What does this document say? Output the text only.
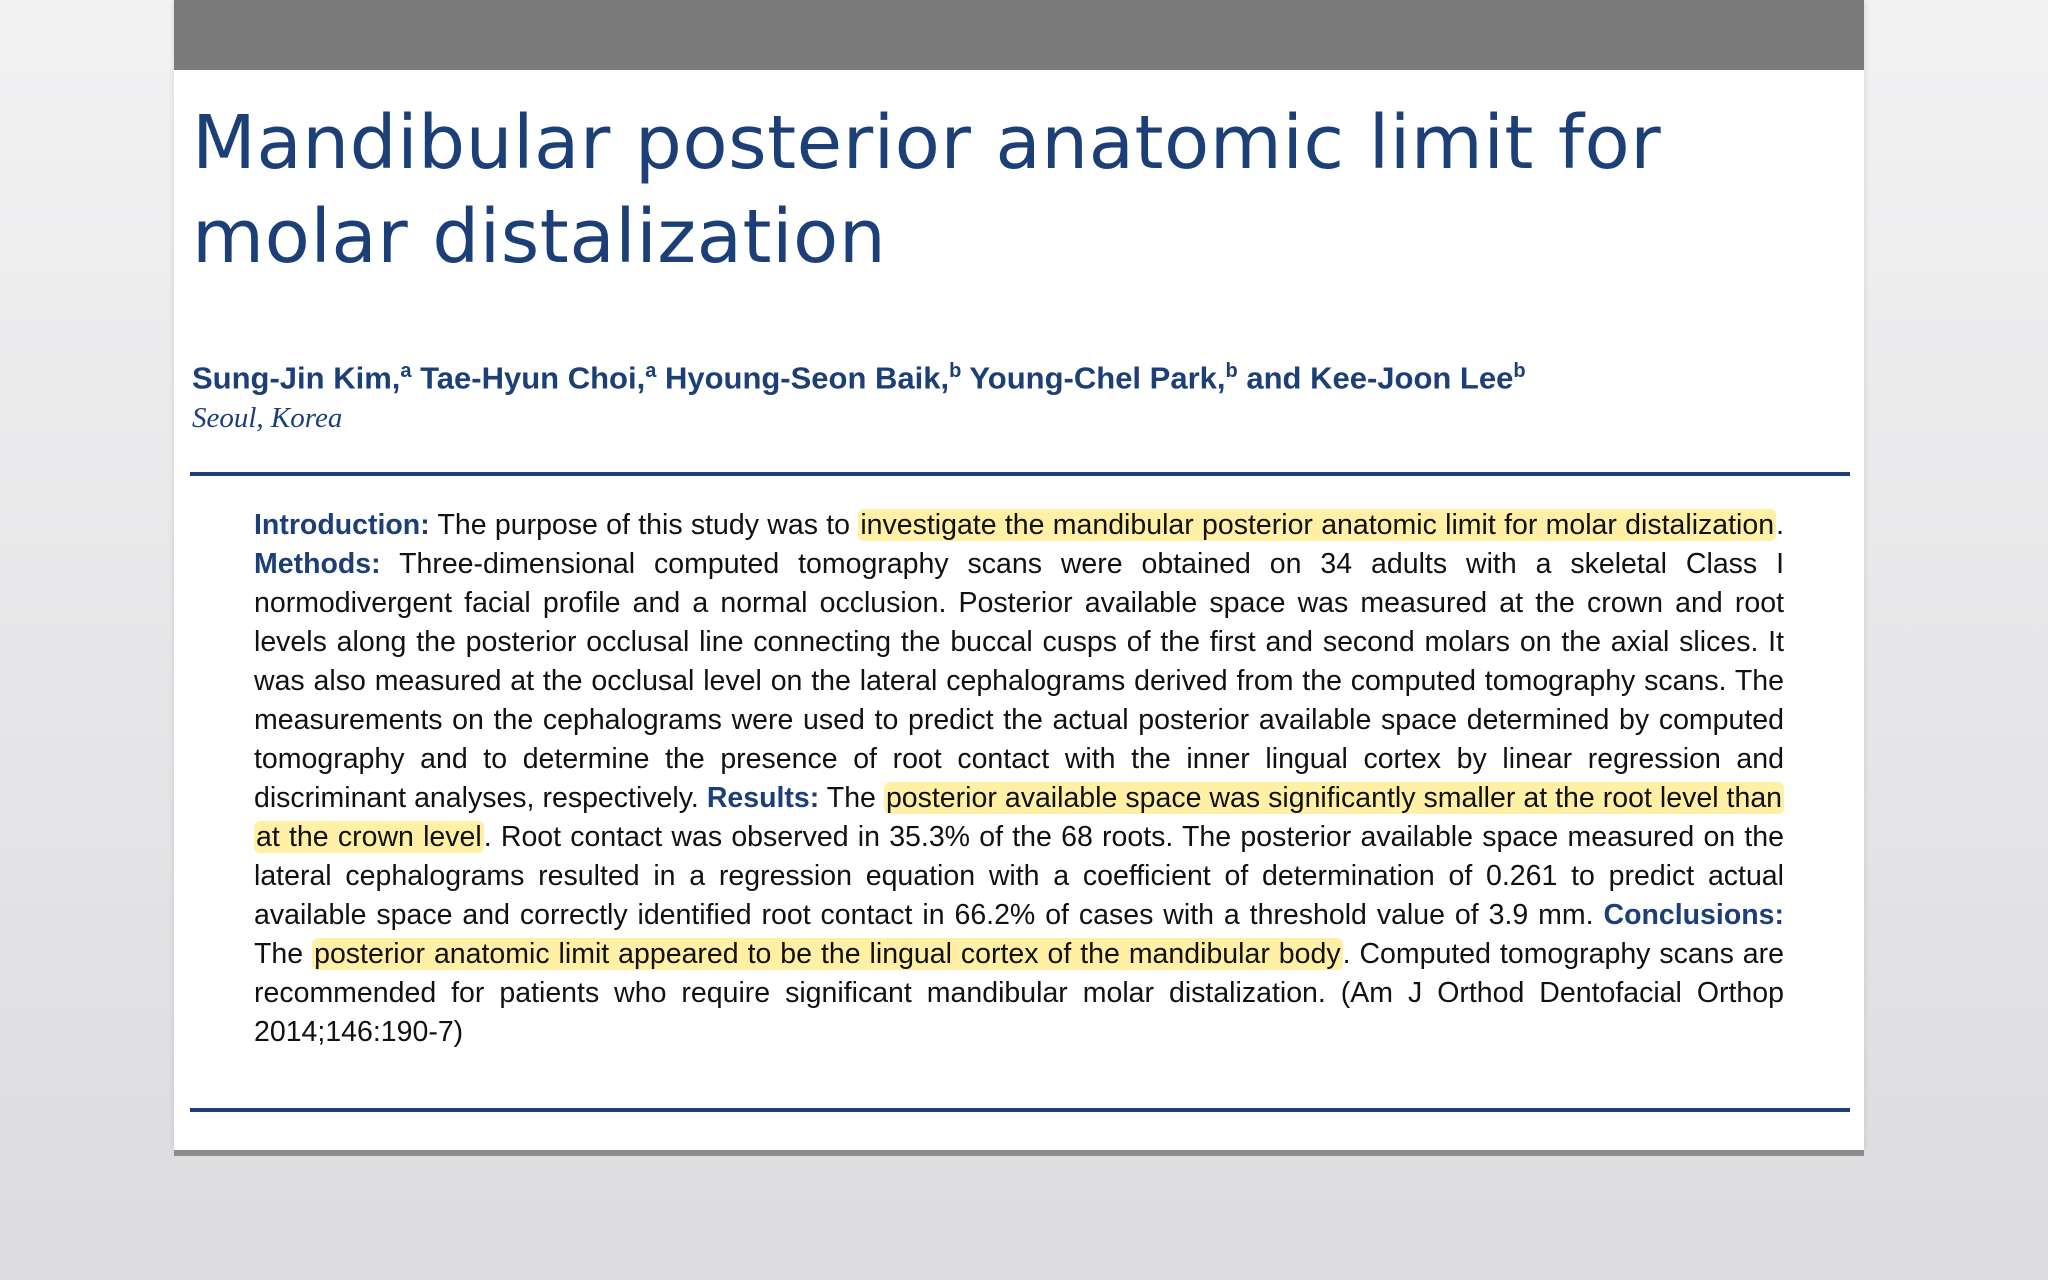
Mandibular posterior anatomic limit for molar distalization
Sung-Jin Kim,$^a$ Tae-Hyun Choi,$^a$ Hyoung-Seon Baik,$^b$ Young-Chel Park,$^b$ and Kee-Joon Lee$^b$
Seoul, Korea

Introduction: The purpose of this study was to investigate the mandibular posterior anatomic limit for molar distalization. Methods: Three-dimensional computed tomography scans were obtained on 34 adults with a skeletal Class I normodivergent facial profile and a normal occlusion. Posterior available space was measured at the crown and root levels along the posterior occlusal line connecting the buccal cusps of the first and second molars on the axial slices. It was also measured at the occlusal level on the lateral cephalograms derived from the computed tomography scans. The measurements on the cephalograms were used to predict the actual posterior available space determined by computed tomography and to determine the presence of root contact with the inner lingual cortex by linear regression and discriminant analyses, respectively. Results: The posterior available space was significantly smaller at the root level than at the crown level. Root contact was observed in 35.3% of the 68 roots. The posterior available space measured on the lateral cephalograms resulted in a regression equation with a coefficient of determination of 0.261 to predict actual available space and correctly identified root contact in 66.2% of cases with a threshold value of 3.9 mm. Conclusions: The posterior anatomic limit appeared to be the lingual cortex of the mandibular body. Computed tomography scans are recommended for patients who require significant mandibular molar distalization. (Am J Orthod Dentofacial Orthop 2014;146:190-7)
